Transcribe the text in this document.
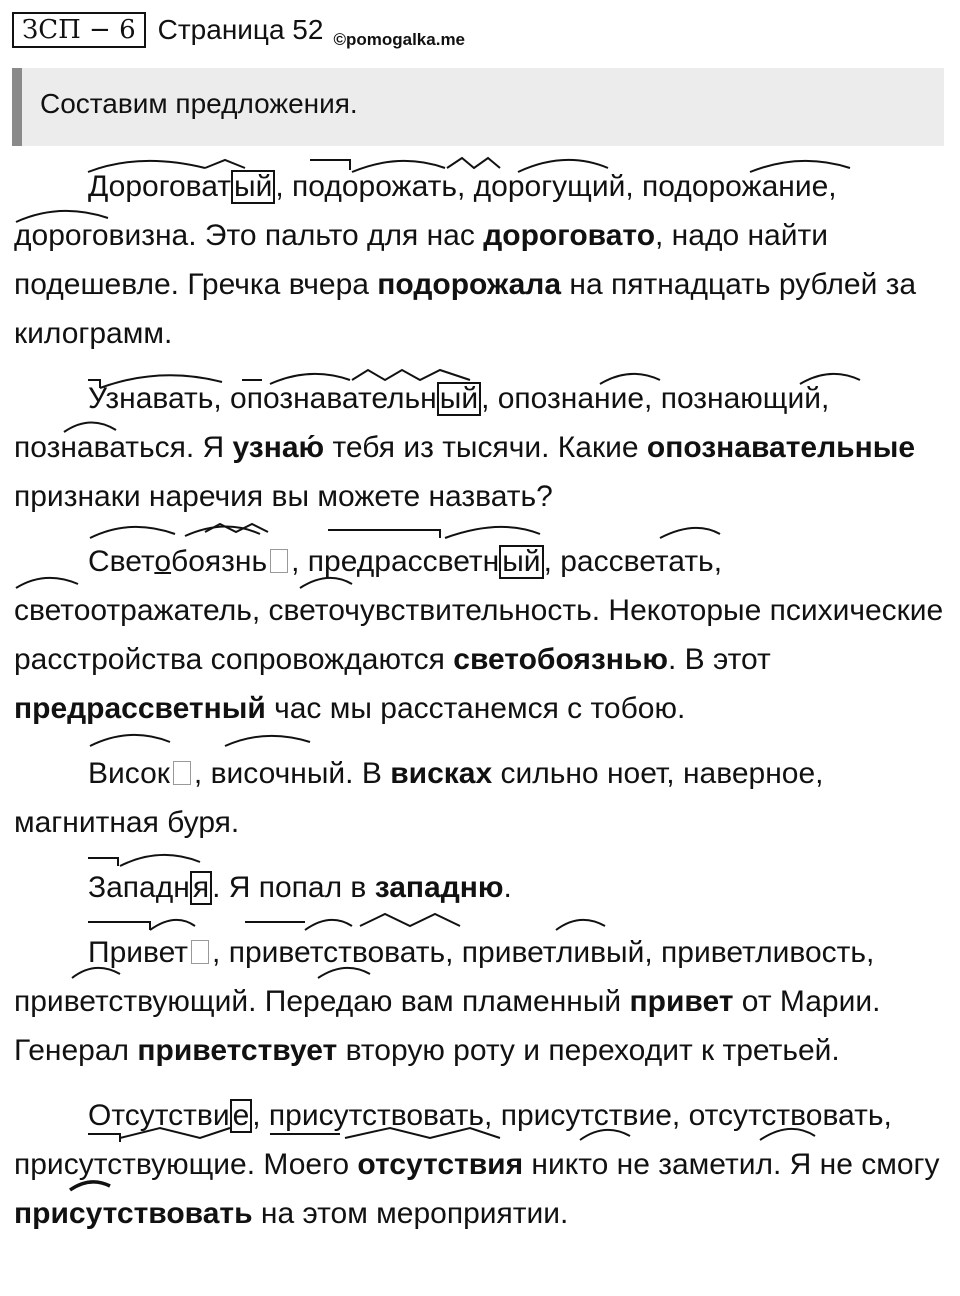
ЗСП − 6 Страница 52 ©pomogalka.me
Составим предложения.

Дороговат ый , подорожать, дорогущий, подорожание, дороговизна. Это пальто для нас дороговато, надо найти подешевле. Гречка вчера подорожала на пятнадцать рублей за килограмм.

Узнавать, опознавательн ый , опознание, познающий, познаваться. Я узнаю́ тебя из тысячи. Какие опознавательные признаки наречия вы можете назвать?

Светобоязнь , предрассветн ый , рассветать, светоотражатель, светочувствительность. Некоторые психические расстройства сопровождаются светобоязнью. В этот предрассветный час мы расстанемся с тобою.

Висок , височный. В висках сильно ноет, наверное, магнитная буря.

Западн я . Я попал в западню.

Привет , приветствовать, приветливый, приветливость, приветствующий. Передаю вам пламенный привет от Марии. Генерал приветствует вторую роту и переходит к третьей.

Отсутстви е , присутствовать, присутствие, отсутствовать, присутствующие. Моего отсутствия никто не заметил. Я не смогу присутствовать на этом мероприятии.
